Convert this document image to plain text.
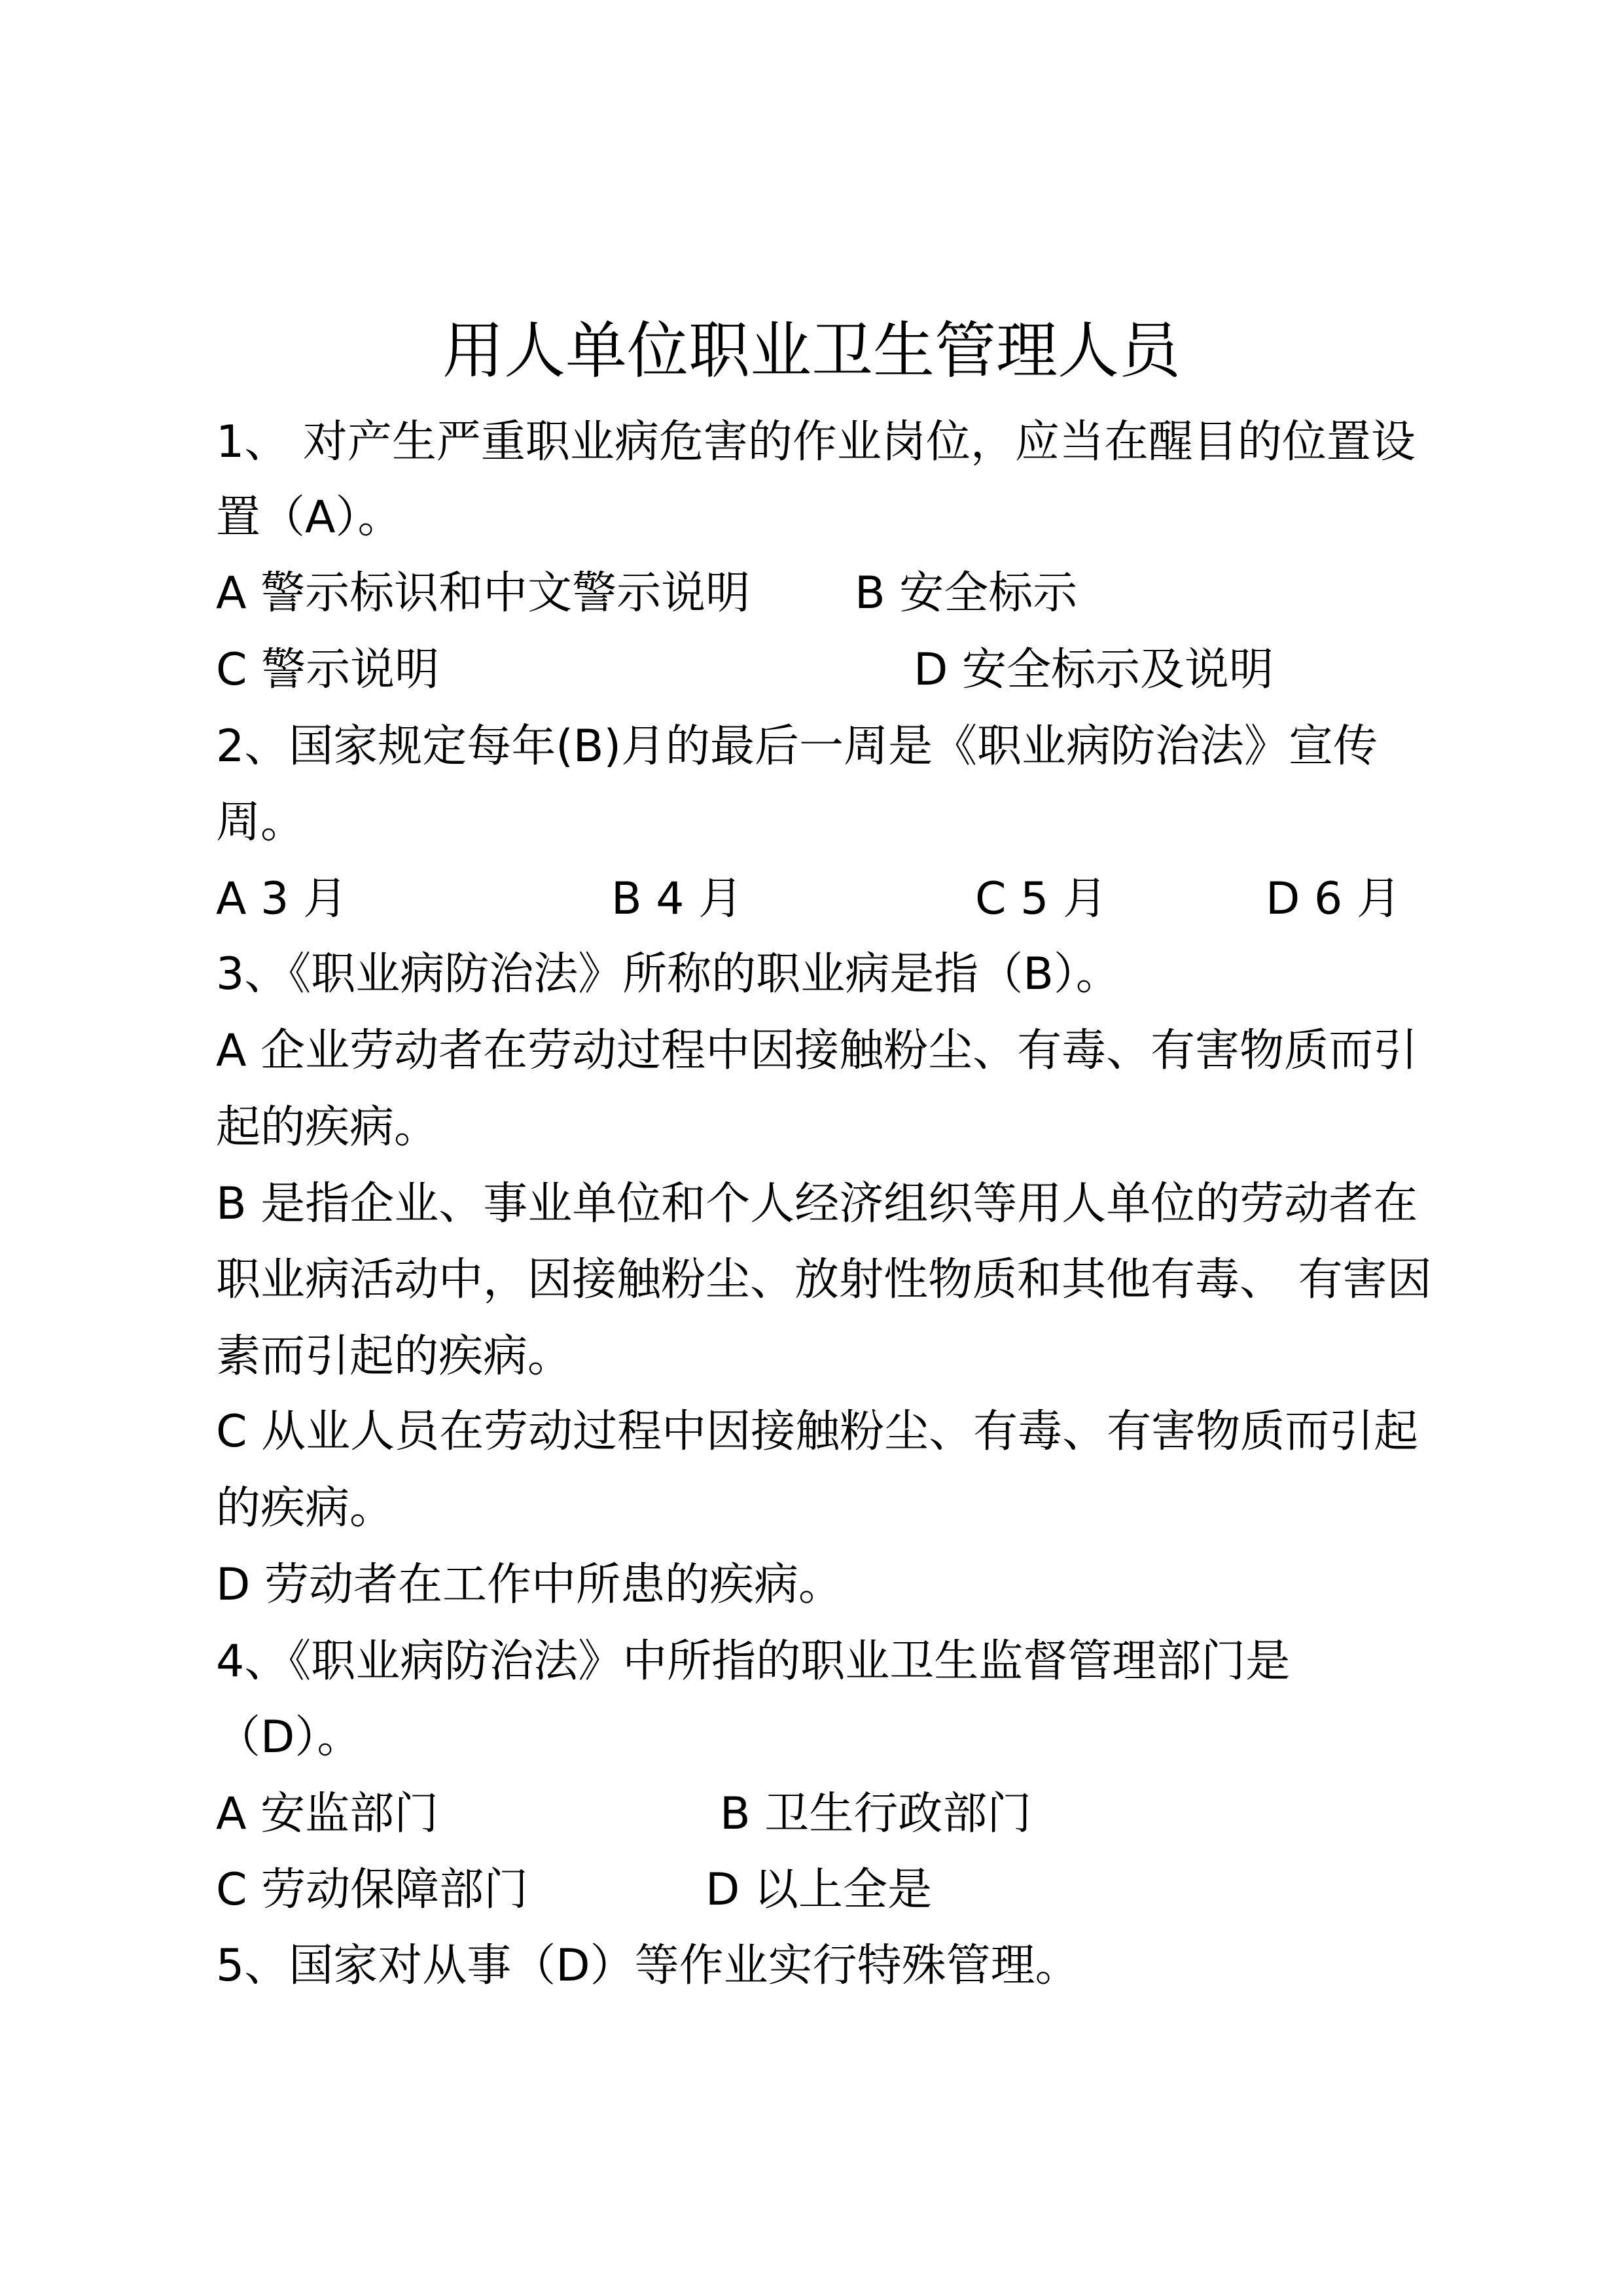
用人单位职业卫生管理人员
1、 对产生严重职业病危害的作业岗位，应当在醒目的位置设
置（A）。
A 警示标识和中文警示说明 B 安全标示
C 警示说明	D 安全标示及说明
2、国家规定每年(B)月的最后一周是《职业病防治法》宣传
周。
A 3 月	B 4 月	C 5 月	D 6 月
3、《职业病防治法》所称的职业病是指（B）。
A 企业劳动者在劳动过程中因接触粉尘、有毒、有害物质而引
起的疾病。
B 是指企业、事业单位和个人经济组织等用人单位的劳动者在
职业病活动中，因接触粉尘、放射性物质和其他有毒、 有害因
素而引起的疾病。
C 从业人员在劳动过程中因接触粉尘、有毒、有害物质而引起
的疾病。
D 劳动者在工作中所患的疾病。
4、《职业病防治法》中所指的职业卫生监督管理部门是
（D）。
A 安监部门	B 卫生行政部门
C 劳动保障部门	D 以上全是
5、国家对从事（D）等作业实行特殊管理。
